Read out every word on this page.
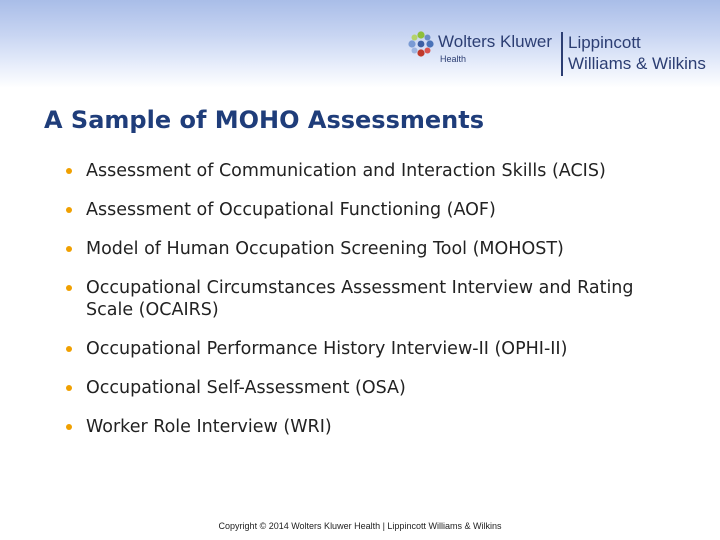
Wolters Kluwer
Health
Lippincott
Williams & Wilkins
A Sample of MOHO Assessments
Assessment of Communication and Interaction Skills (ACIS)
Assessment of Occupational Functioning (AOF)
Model of Human Occupation Screening Tool (MOHOST)
Occupational Circumstances Assessment Interview and Rating Scale (OCAIRS)
Occupational Performance History Interview-II (OPHI-II)
Occupational Self-Assessment (OSA)
Worker Role Interview (WRI)
Copyright © 2014 Wolters Kluwer Health | Lippincott Williams & Wilkins
